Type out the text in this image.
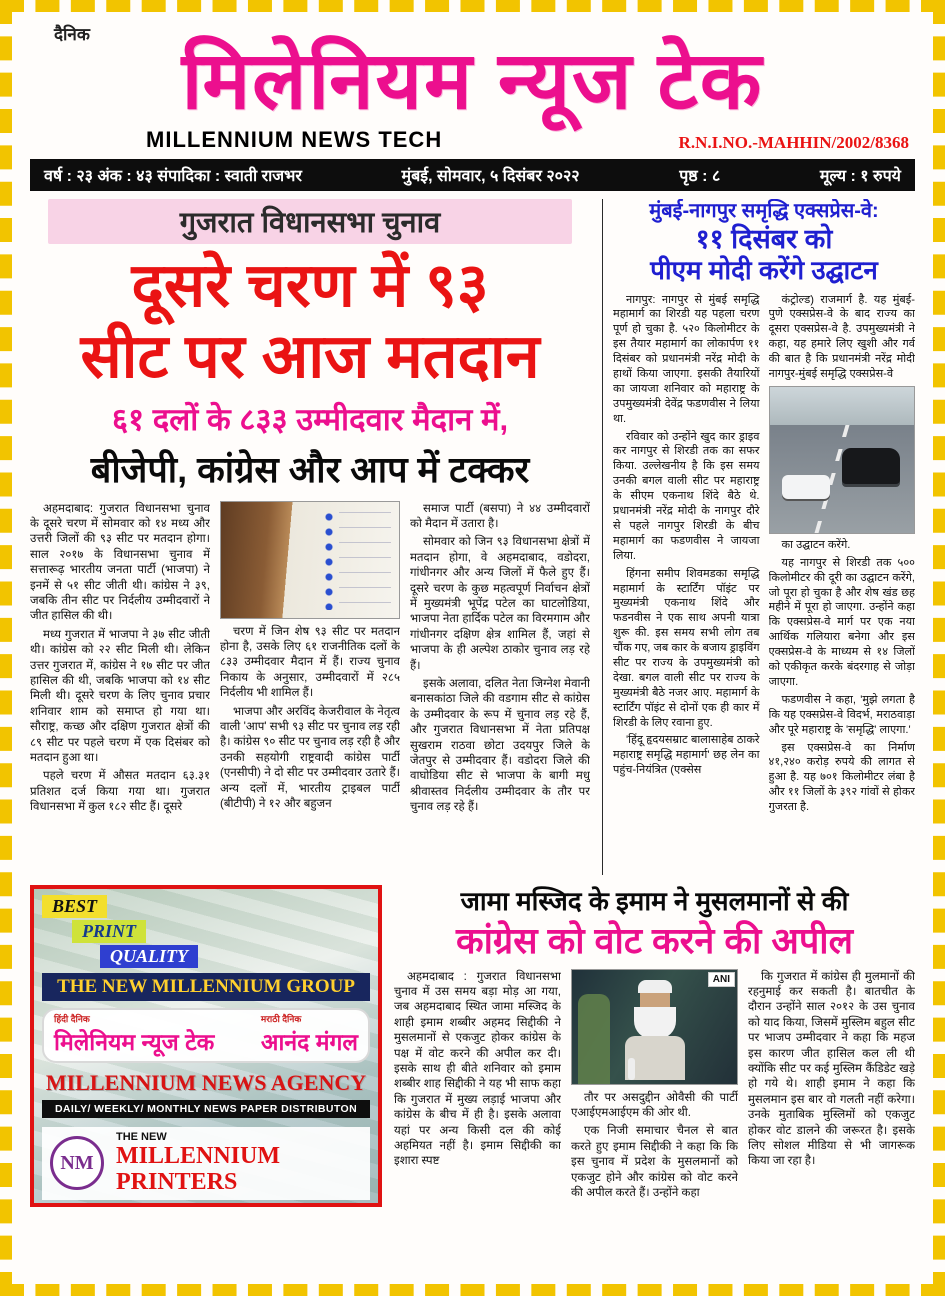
दैनिक
मिलेनियम न्यूज टेक
MILLENNIUM NEWS TECH	R.N.I.NO.-MAHHIN/2002/8368
वर्ष : २३ अंक : ४३ संपादिका : स्वाती राजभर	मुंबई, सोमवार, ५ दिसंबर २०२२	पृष्ठ : ८	मूल्य : १ रुपये
गुजरात विधानसभा चुनाव
दूसरे चरण में ९३
सीट पर आज मतदान
६१ दलों के ८३३ उम्मीदवार मैदान में,
बीजेपी, कांग्रेस और आप में टक्कर

अहमदाबाद: गुजरात विधानसभा चुनाव के दूसरे चरण में सोमवार को १४ मध्य और उत्तरी जिलों की ९३ सीट पर मतदान होगा। साल २०१७ के विधानसभा चुनाव में सत्तारूढ़ भारतीय जनता पार्टी (भाजपा) ने इनमें से ५१ सीट जीती थी। कांग्रेस ने ३९, जबकि तीन सीट पर निर्दलीय उम्मीदवारों ने जीत हासिल की थी।

मध्य गुजरात में भाजपा ने ३७ सीट जीती थी। कांग्रेस को २२ सीट मिली थी। लेकिन उत्तर गुजरात में, कांग्रेस ने १७ सीट पर जीत हासिल की थी, जबकि भाजपा को १४ सीट मिली थी। दूसरे चरण के लिए चुनाव प्रचार शनिवार शाम को समाप्त हो गया था। सौराष्ट्र, कच्छ और दक्षिण गुजरात क्षेत्रों की ८९ सीट पर पहले चरण में एक दिसंबर को मतदान हुआ था।

पहले चरण में औसत मतदान ६३.३१ प्रतिशत दर्ज किया गया था। गुजरात विधानसभा में कुल १८२ सीट हैं। दूसरे

चरण में जिन शेष ९३ सीट पर मतदान होना है, उसके लिए ६१ राजनीतिक दलों के ८३३ उम्मीदवार मैदान में हैं। राज्य चुनाव निकाय के अनुसार, उम्मीदवारों में २८५ निर्दलीय भी शामिल हैं।

भाजपा और अरविंद केजरीवाल के नेतृत्व वाली 'आप' सभी ९३ सीट पर चुनाव लड़ रही है। कांग्रेस ९० सीट पर चुनाव लड़ रही है और उनकी सहयोगी राष्ट्रवादी कांग्रेस पार्टी (एनसीपी) ने दो सीट पर उम्मीदवार उतारे हैं। अन्य दलों में, भारतीय ट्राइबल पार्टी (बीटीपी) ने १२ और बहुजन

समाज पार्टी (बसपा) ने ४४ उम्मीदवारों को मैदान में उतारा है।

सोमवार को जिन ९३ विधानसभा क्षेत्रों में मतदान होगा, वे अहमदाबाद, वडोदरा, गांधीनगर और अन्य जिलों में फैले हुए हैं। दूसरे चरण के कुछ महत्वपूर्ण निर्वाचन क्षेत्रों में मुख्यमंत्री भूपेंद्र पटेल का घाटलोडिया, भाजपा नेता हार्दिक पटेल का विरमगाम और गांधीनगर दक्षिण क्षेत्र शामिल हैं, जहां से भाजपा के ही अल्पेश ठाकोर चुनाव लड़ रहे हैं।

इसके अलावा, दलित नेता जिग्नेश मेवानी बनासकांठा जिले की वडगाम सीट से कांग्रेस के उम्मीदवार के रूप में चुनाव लड़ रहे हैं, और गुजरात विधानसभा में नेता प्रतिपक्ष सुखराम राठवा छोटा उदयपुर जिले के जेतपुर से उम्मीदवार हैं। वडोदरा जिले की वाघोडिया सीट से भाजपा के बागी मधु श्रीवास्तव निर्दलीय उम्मीदवार के तौर पर चुनाव लड़ रहे हैं।

मुंबई-नागपुर समृद्धि एक्सप्रेस-वे:
११ दिसंबर को
पीएम मोदी करेंगे उद्घाटन

नागपुर: नागपुर से मुंबई समृद्धि महामार्ग का शिरडी यह पहला चरण पूर्ण हो चुका है. ५२० किलोमीटर के इस तैयार महामार्ग का लोकार्पण ११ दिसंबर को प्रधानमंत्री नरेंद्र मोदी के हाथों किया जाएगा. इसकी तैयारियों का जायजा शनिवार को महाराष्ट्र के उपमुख्यमंत्री देवेंद्र फडणवीस ने लिया था.

रविवार को उन्होंने खुद कार ड्राइव कर नागपुर से शिरडी तक का सफर किया. उल्लेखनीय है कि इस समय उनकी बगल वाली सीट पर महाराष्ट्र के सीएम एकनाथ शिंदे बैठे थे. प्रधानमंत्री नरेंद्र मोदी के नागपुर दौरे से पहले नागपुर शिरडी के बीच महामार्ग का फडणवीस ने जायजा लिया.

हिंगना समीप शिवमडका समृद्धि महामार्ग के स्टार्टिंग पॉइंट पर मुख्यमंत्री एकनाथ शिंदे और फडनवीस ने एक साथ अपनी यात्रा शुरू की. इस समय सभी लोग तब चौंक गए, जब कार के बजाय ड्राइविंग सीट पर राज्य के उपमुख्यमंत्री को देखा. बगल वाली सीट पर राज्य के मुख्यमंत्री बैठे नजर आए. महामार्ग के स्टार्टिंग पॉइंट से दोनों एक ही कार में शिरडी के लिए रवाना हुए.

'हिंदू हृदयसम्राट बालासाहेब ठाकरे महाराष्ट्र समृद्धि महामार्ग' छह लेन का पहुंच-नियंत्रित (एक्सेस

कंट्रोल्ड) राजमार्ग है. यह मुंबई-पुणे एक्सप्रेस-वे के बाद राज्य का दूसरा एक्सप्रेस-वे है. उपमुख्यमंत्री ने कहा, यह हमारे लिए खुशी और गर्व की बात है कि प्रधानमंत्री नरेंद्र मोदी नागपुर-मुंबई समृद्धि एक्सप्रेस-वे

का उद्घाटन करेंगे.

यह नागपुर से शिरडी तक ५०० किलोमीटर की दूरी का उद्घाटन करेंगे, जो पूरा हो चुका है और शेष खंड छह महीने में पूरा हो जाएगा. उन्होंने कहा कि एक्सप्रेस-वे मार्ग पर एक नया आर्थिक गलियारा बनेगा और इस एक्सप्रेस-वे के माध्यम से १४ जिलों को एकीकृत करके बंदरगाह से जोड़ा जाएगा.

फडणवीस ने कहा, 'मुझे लगता है कि यह एक्सप्रेस-वे विदर्भ, मराठवाड़ा और पूरे महाराष्ट्र के 'समृद्धि' लाएगा.'

इस एक्सप्रेस-वे का निर्माण ४१,२४० करोड़ रुपये की लागत से हुआ है. यह ७०१ किलोमीटर लंबा है और ११ जिलों के ३९२ गांवों से होकर गुजरता है.

BEST
PRINT
QUALITY
THE NEW MILLENNIUM GROUP
हिंदी दैनिक
मिलेनियम न्यूज टेक
मराठी दैनिक
आनंद मंगल
MILLENNIUM NEWS AGENCY
DAILY/ WEEKLY/ MONTHLY NEWS PAPER DISTRIBUTON
NM
THE NEW
MILLENNIUM PRINTERS
जामा मस्जिद के इमाम ने मुसलमानों से की
कांग्रेस को वोट करने की अपील

अहमदाबाद : गुजरात विधानसभा चुनाव में उस समय बड़ा मोड़ आ गया, जब अहमदाबाद स्थित जामा मस्जिद के शाही इमाम शब्बीर अहमद सिद्दीकी ने मुसलमानों से एकजुट होकर कांग्रेस के पक्ष में वोट करने की अपील कर दी। इसके साथ ही बीते शनिवार को इमाम शब्बीर शाह सिद्दीकी ने यह भी साफ कहा कि गुजरात में मुख्य लड़ाई भाजपा और कांग्रेस के बीच में ही है। इसके अलावा यहां पर अन्य किसी दल की कोई अहमियत नहीं है। इमाम सिद्दीकी का इशारा स्पष्ट

ANI

तौर पर असदुद्दीन ओवैसी की पार्टी एआईएमआईएम की ओर थी.

एक निजी समाचार चैनल से बात करते हुए इमाम सिद्दीकी ने कहा कि कि इस चुनाव में प्रदेश के मुसलमानों को एकजुट होने और कांग्रेस को वोट करने की अपील करते हैं। उन्होंने कहा

कि गुजरात में कांग्रेस ही मुलमानों की रहनुमाई कर सकती है। बातचीत के दौरान उन्होंने साल २०१२ के उस चुनाव को याद किया, जिसमें मुस्लिम बहुल सीट पर भाजप उम्मीदवार ने कहा कि महज इस कारण जीत हासिल कल ली थी क्योंकि सीट पर कई मुस्लिम कैंडिडेट खड़े हो गये थे। शाही इमाम ने कहा कि मुसलमान इस बार वो गलती नहीं करेगा। उनके मुताबिक मुस्लिमों को एकजुट होकर वोट डालने की जरूरत है। इसके लिए सोशल मीडिया से भी जागरूक किया जा रहा है।
